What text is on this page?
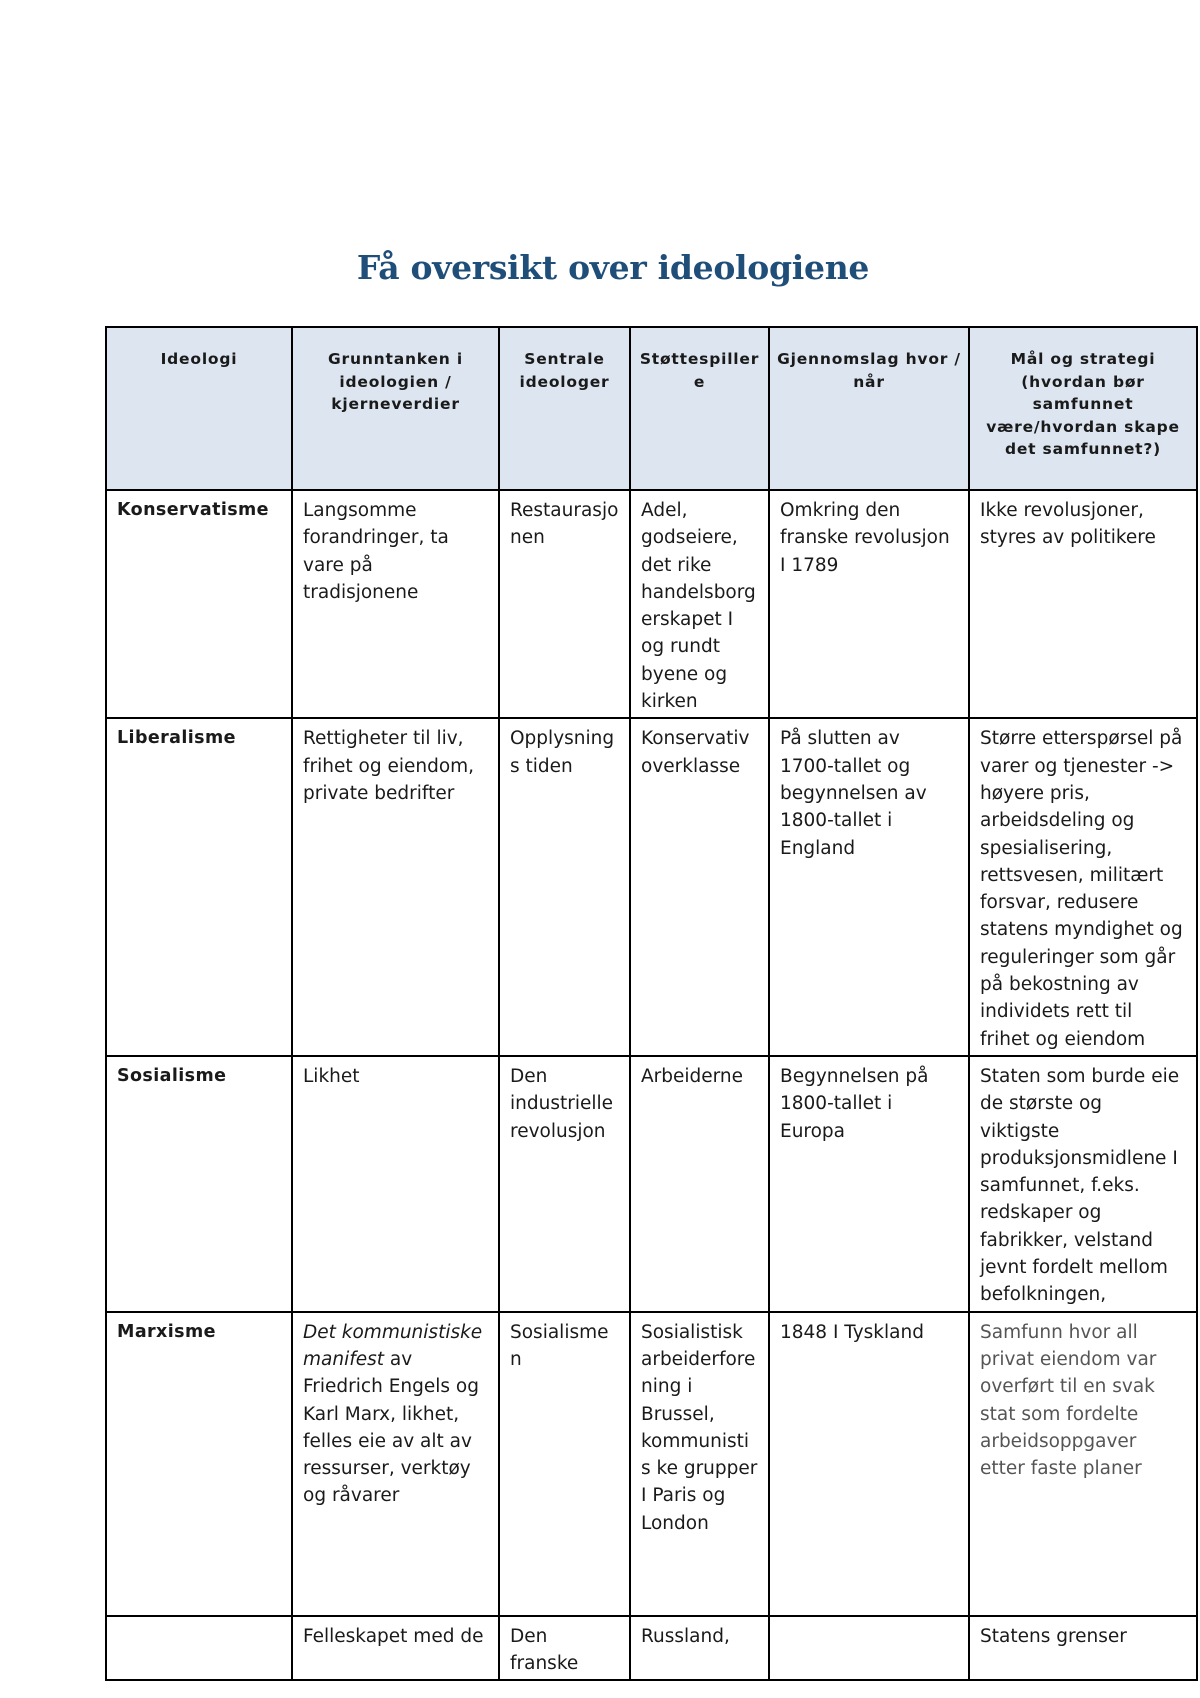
Få oversikt over ideologiene
Ideologi	Grunntanken i ideologien / kjerneverdier	Sentrale ideologer	Støttespiller e	Gjennomslag hvor / når	Mål og strategi (hvordan bør samfunnet være/hvordan skape det samfunnet?)
Konservatisme	Langsomme forandringer, ta vare på tradisjonene	Restaurasjo nen	Adel, godseiere, det rike handelsborg erskapet I og rundt byene og kirken	Omkring den franske revolusjon I 1789	Ikke revolusjoner, styres av politikere
Liberalisme	Rettigheter til liv, frihet og eiendom, private bedrifter	Opplysnings tiden	Konservativ overklasse	På slutten av 1700-tallet og begynnelsen av 1800-tallet i England	Større etterspørsel på varer og tjenester -> høyere pris, arbeidsdeling og spesialisering, rettsvesen, militært forsvar, redusere statens myndighet og reguleringer som går på bekostning av individets rett til frihet og eiendom
Sosialisme	Likhet	Den industrielle revolusjon	Arbeiderne	Begynnelsen på 1800-tallet i Europa	Staten som burde eie de største og viktigste produksjonsmidlene I samfunnet, f.eks. redskaper og fabrikker, velstand jevnt fordelt mellom befolkningen,
Marxisme	Det kommunistiske manifest av Friedrich Engels og Karl Marx, likhet, felles eie av alt av ressurser, verktøy og råvarer	Sosialismen	Sosialistisk arbeiderfore ning i Brussel, kommunistis ke grupper I Paris og London	1848 I Tyskland	Samfunn hvor all privat eiendom var overført til en svak stat som fordelte arbeidsoppgaver etter faste planer
	Felleskapet med de	Den franske	Russland,		Statens grenser
